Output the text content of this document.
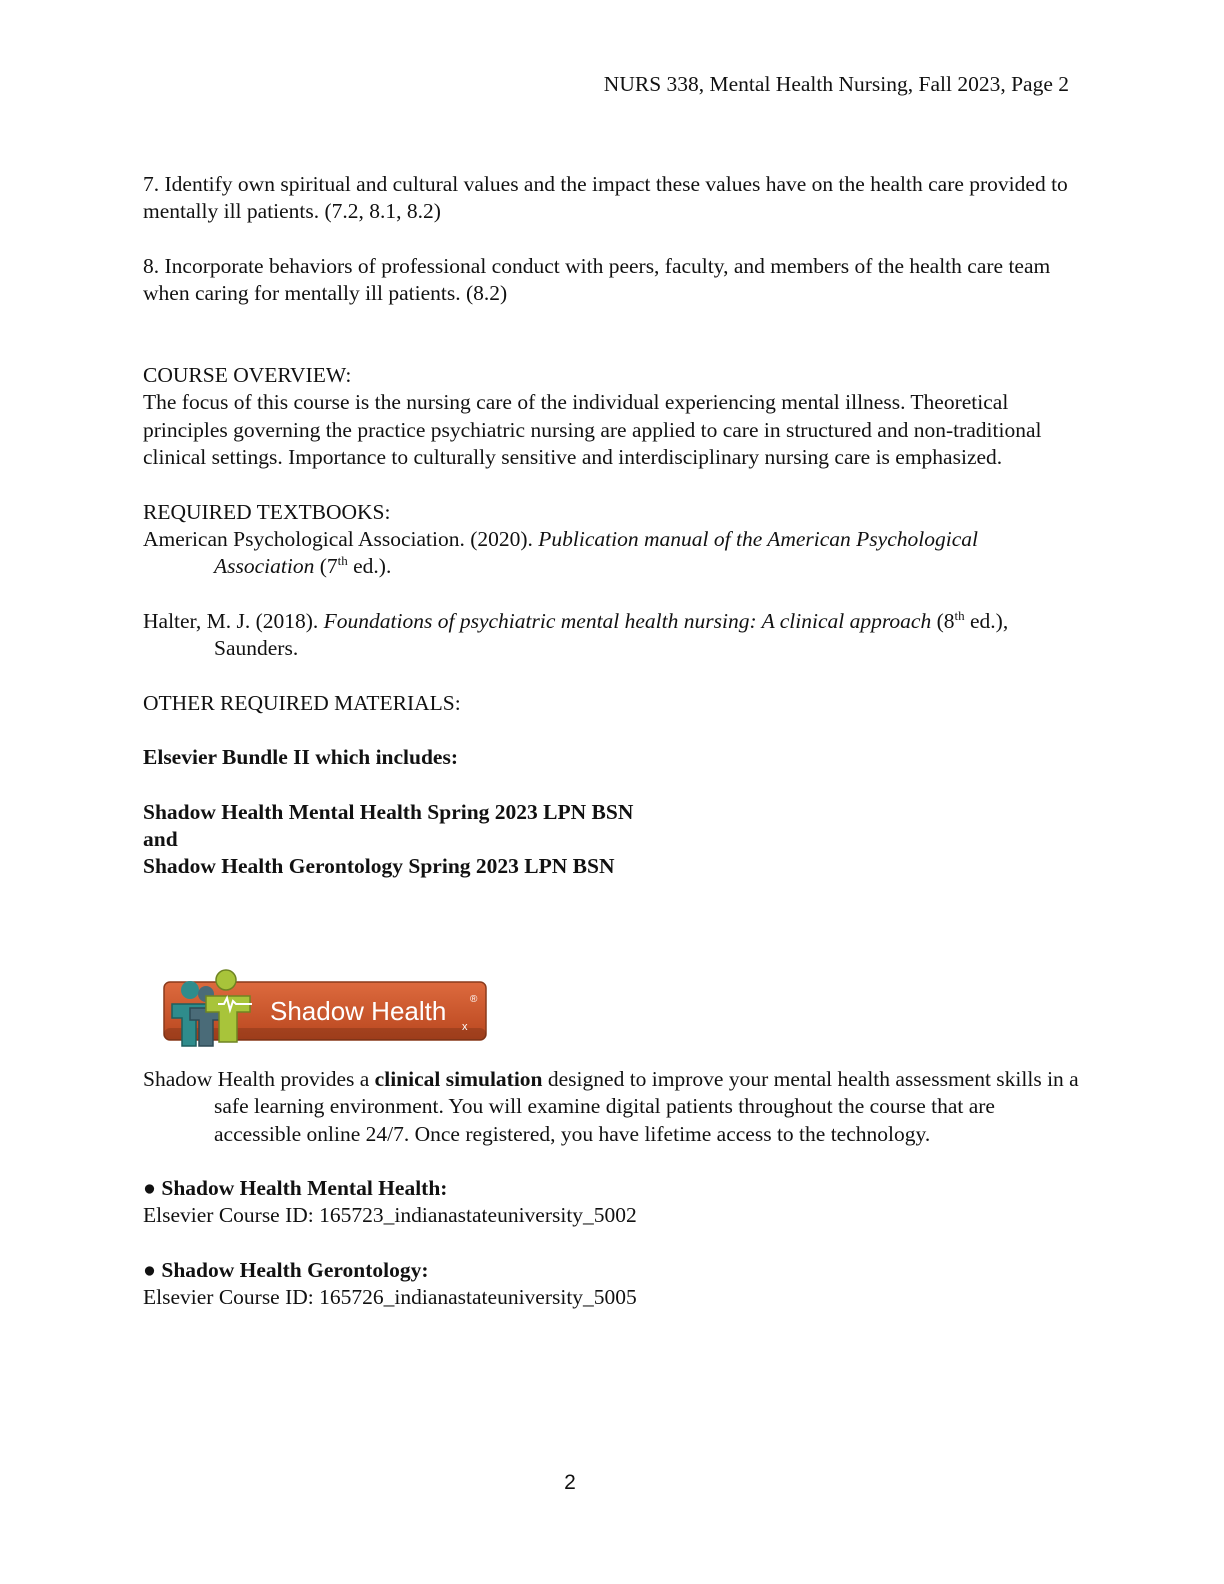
NURS 338, Mental Health Nursing, Fall 2023, Page 2

7. Identify own spiritual and cultural values and the impact these values have on the health care provided to mentally ill patients. (7.2, 8.1, 8.2)

8. Incorporate behaviors of professional conduct with peers, faculty, and members of the health care team when caring for mentally ill patients. (8.2)

COURSE OVERVIEW:

The focus of this course is the nursing care of the individual experiencing mental illness. Theoretical principles governing the practice psychiatric nursing are applied to care in structured and non-traditional clinical settings. Importance to culturally sensitive and interdisciplinary nursing care is emphasized.

REQUIRED TEXTBOOKS:

American Psychological Association. (2020). Publication manual of the American Psychological Association (7th ed.).

Halter, M. J. (2018). Foundations of psychiatric mental health nursing: A clinical approach (8th ed.), Saunders.

OTHER REQUIRED MATERIALS:

Elsevier Bundle II which includes:

Shadow Health Mental Health Spring 2023 LPN BSN

and

Shadow Health Gerontology Spring 2023 LPN BSN

Shadow Health ®
x

Shadow Health provides a clinical simulation designed to improve your mental health assessment skills in a safe learning environment. You will examine digital patients throughout the course that are accessible online 24/7. Once registered, you have lifetime access to the technology.

● Shadow Health Mental Health:

Elsevier Course ID: 165723_indianastateuniversity_5002

● Shadow Health Gerontology:

Elsevier Course ID: 165726_indianastateuniversity_5005

2
